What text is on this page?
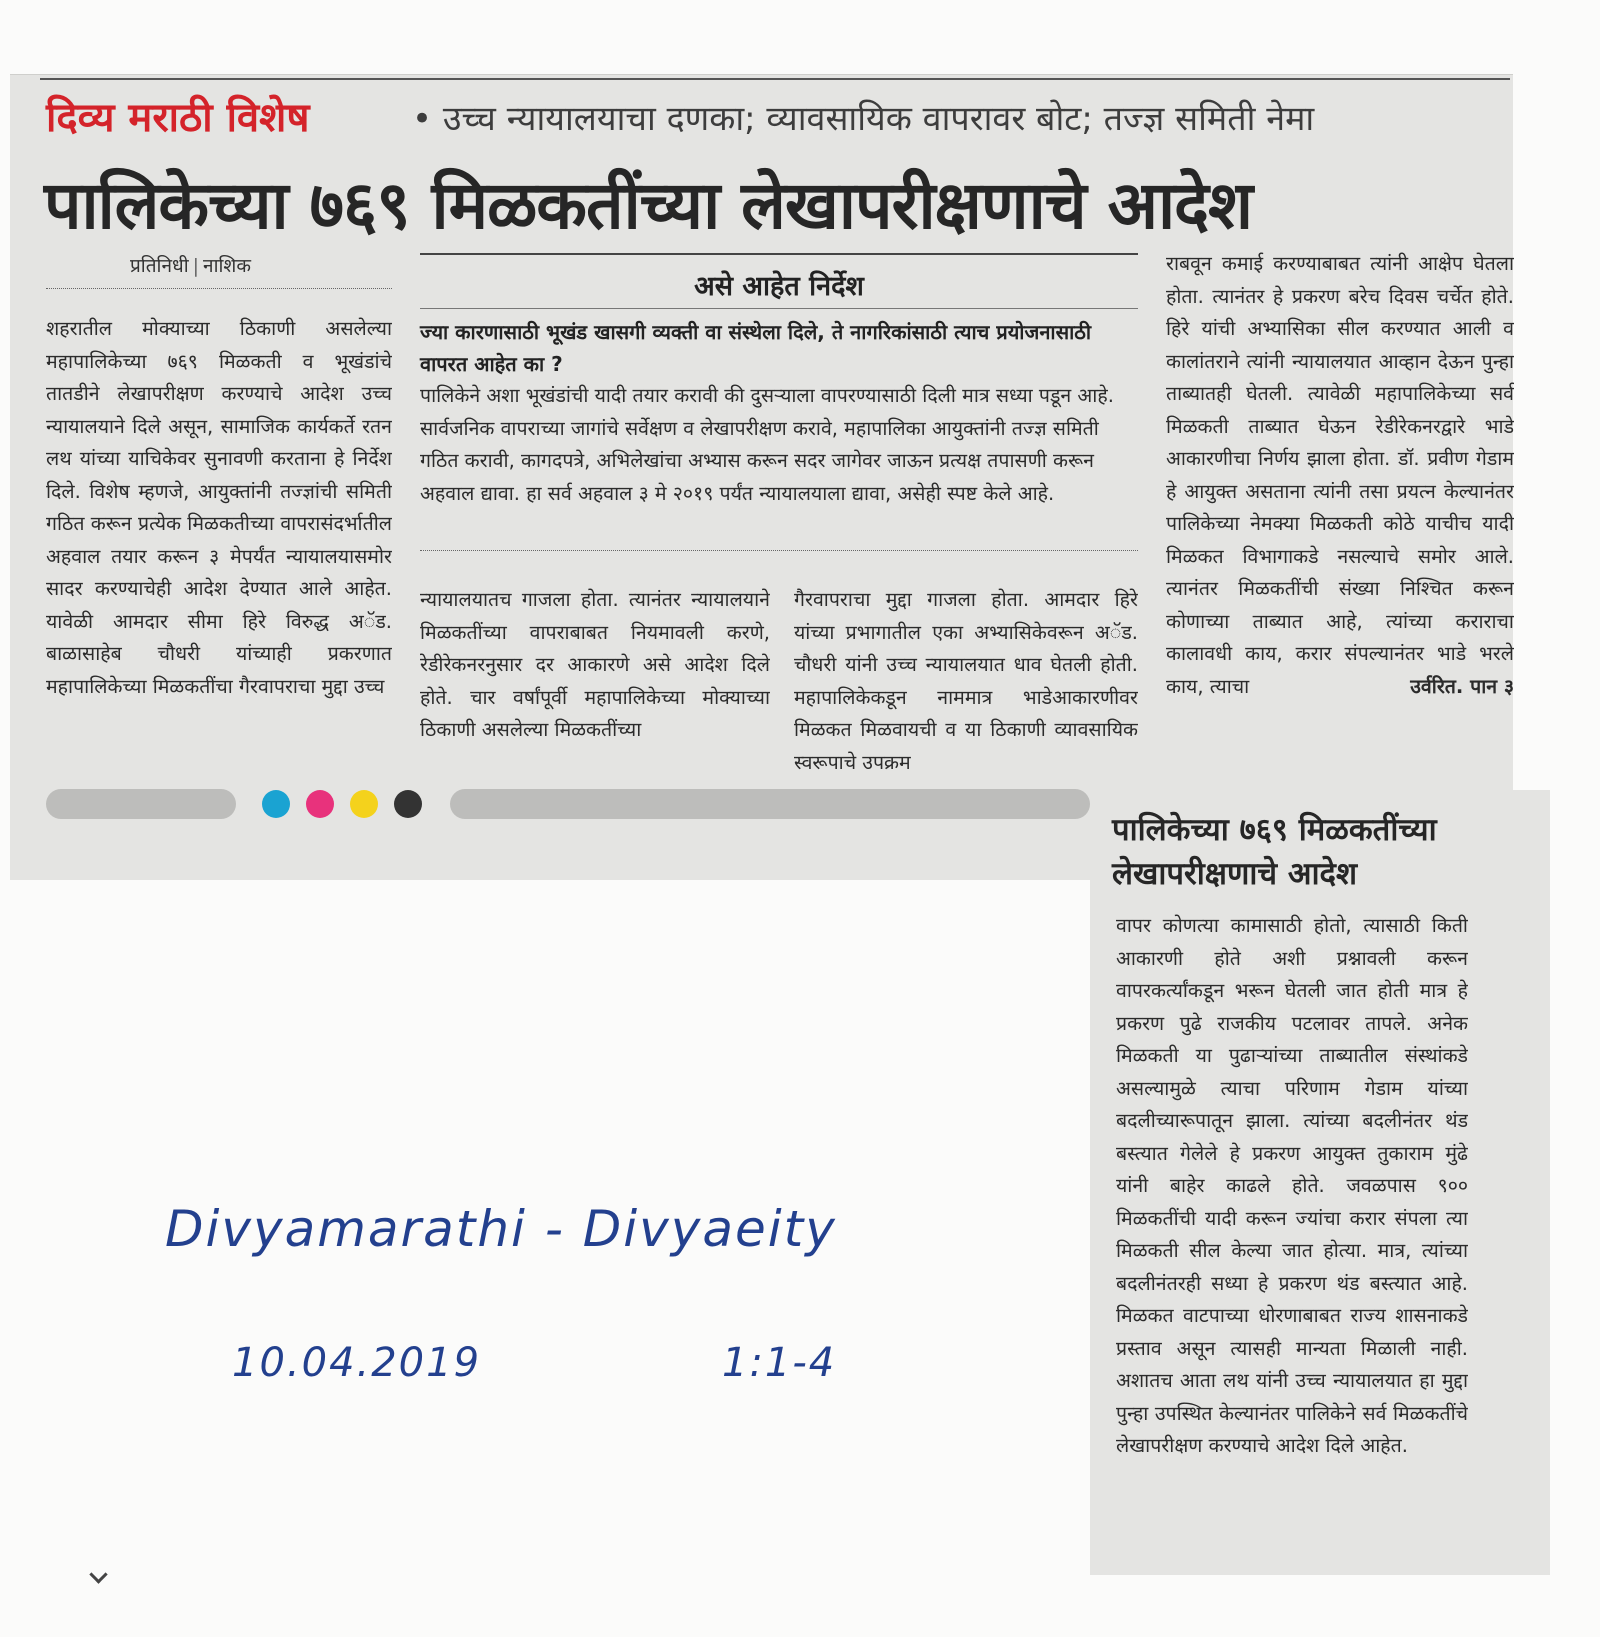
दिव्य मराठी विशेष	• उच्च न्यायालयाचा दणका; व्यावसायिक वापरावर बोट; तज्ज्ञ समिती नेमा
पालिकेच्या ७६९ मिळकतींच्या लेखापरीक्षणाचे आदेश
प्रतिनिधी | नाशिक
शहरातील मोक्याच्या ठिकाणी असलेल्या महापालिकेच्या ७६९ मिळकती व भूखंडांचे तातडीने लेखापरीक्षण करण्याचे आदेश उच्च न्यायालयाने दिले असून, सामाजिक कार्यकर्ते रतन लथ यांच्या याचिकेवर सुनावणी करताना हे निर्देश दिले. विशेष म्हणजे, आयुक्तांनी तज्ज्ञांची समिती गठित करून प्रत्येक मिळकतीच्या वापरासंदर्भातील अहवाल तयार करून ३ मेपर्यंत न्यायालयासमोर सादर करण्याचेही आदेश देण्यात आले आहेत. यावेळी आमदार सीमा हिरे विरुद्ध अॅड. बाळासाहेब चौधरी यांच्याही प्रकरणात महापालिकेच्या मिळकतींचा गैरवापराचा मुद्दा उच्च
असे आहेत निर्देश
ज्या कारणासाठी भूखंड खासगी व्यक्ती वा संस्थेला दिले, ते नागरिकांसाठी त्याच प्रयोजनासाठी वापरत आहेत का ?
पालिकेने अशा भूखंडांची यादी तयार करावी की दुसऱ्याला वापरण्यासाठी दिली मात्र सध्या पडून आहे. सार्वजनिक वापराच्या जागांचे सर्वेक्षण व लेखापरीक्षण करावे, महापालिका आयुक्तांनी तज्ज्ञ समिती गठित करावी, कागदपत्रे, अभिलेखांचा अभ्यास करून सदर जागेवर जाऊन प्रत्यक्ष तपासणी करून अहवाल द्यावा. हा सर्व अहवाल ३ मे २०१९ पर्यंत न्यायालयाला द्यावा, असेही स्पष्ट केले आहे.
न्यायालयातच गाजला होता. त्यानंतर न्यायालयाने मिळकतींच्या वापराबाबत नियमावली करणे, रेडीरेकनरनुसार दर आकारणे असे आदेश दिले होते. चार वर्षांपूर्वी महापालिकेच्या मोक्याच्या ठिकाणी असलेल्या मिळकतींच्या
गैरवापराचा मुद्दा गाजला होता. आमदार हिरे यांच्या प्रभागातील एका अभ्यासिकेवरून अॅड. चौधरी यांनी उच्च न्यायालयात धाव घेतली होती. महापालिकेकडून नाममात्र भाडेआकारणीवर मिळकत मिळवायची व या ठिकाणी व्यावसायिक स्वरूपाचे उपक्रम
राबवून कमाई करण्याबाबत त्यांनी आक्षेप घेतला होता. त्यानंतर हे प्रकरण बरेच दिवस चर्चेत होते. हिरे यांची अभ्यासिका सील करण्यात आली व कालांतराने त्यांनी न्यायालयात आव्हान देऊन पुन्हा ताब्यातही घेतली. त्यावेळी महापालिकेच्या सर्व मिळकती ताब्यात घेऊन रेडीरेकनरद्वारे भाडे आकारणीचा निर्णय झाला होता. डॉ. प्रवीण गेडाम हे आयुक्त असताना त्यांनी तसा प्रयत्न केल्यानंतर पालिकेच्या नेमक्या मिळकती कोठे याचीच यादी मिळकत विभागाकडे नसल्याचे समोर आले. त्यानंतर मिळकतींची संख्या निश्चित करून कोणाच्या ताब्यात आहे, त्यांच्या कराराचा कालावधी काय, करार संपल्यानंतर भाडे भरले काय, त्याचा	उर्वरित. पान ३
पालिकेच्या ७६९ मिळकतींच्या लेखापरीक्षणाचे आदेश
वापर कोणत्या कामासाठी होतो, त्यासाठी किती आकारणी होते अशी प्रश्नावली करून वापरकर्त्यांकडून भरून घेतली जात होती मात्र हे प्रकरण पुढे राजकीय पटलावर तापले. अनेक मिळकती या पुढाऱ्यांच्या ताब्यातील संस्थांकडे असल्यामुळे त्याचा परिणाम गेडाम यांच्या बदलीच्यारूपातून झाला. त्यांच्या बदलीनंतर थंड बस्त्यात गेलेले हे प्रकरण आयुक्त तुकाराम मुंढे यांनी बाहेर काढले होते. जवळपास ९०० मिळकतींची यादी करून ज्यांचा करार संपला त्या मिळकती सील केल्या जात होत्या. मात्र, त्यांच्या बदलीनंतरही सध्या हे प्रकरण थंड बस्त्यात आहे. मिळकत वाटपाच्या धोरणाबाबत राज्य शासनाकडे प्रस्ताव असून त्यासही मान्यता मिळाली नाही. अशातच आता लथ यांनी उच्च न्यायालयात हा मुद्दा पुन्हा उपस्थित केल्यानंतर पालिकेने सर्व मिळकतींचे लेखापरीक्षण करण्याचे आदेश दिले आहेत.
Divyamarathi - Divyaeity
10.04.2019	1:1-4
